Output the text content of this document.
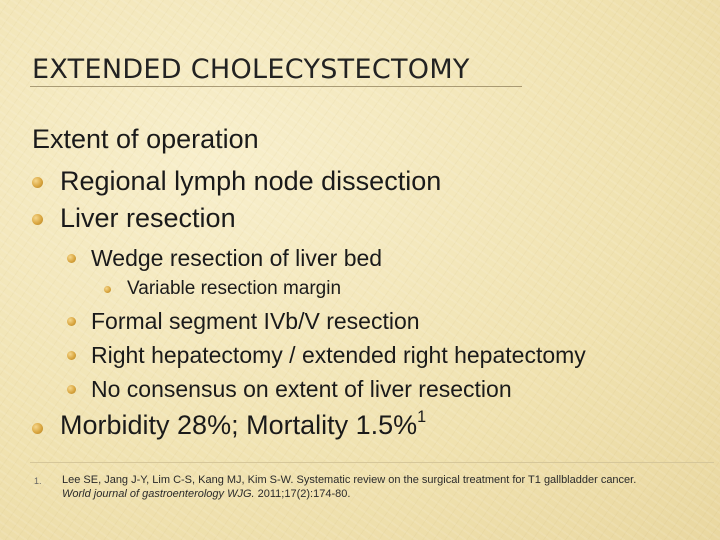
EXTENDED CHOLECYSTECTOMY
Extent of operation
Regional lymph node dissection
Liver resection
Wedge resection of liver bed
Variable resection margin
Formal segment IVb/V resection
Right hepatectomy / extended right hepatectomy
No consensus on extent of liver resection
Morbidity 28%; Mortality 1.5%$^1$
1. Lee SE, Jang J-Y, Lim C-S, Kang MJ, Kim S-W. Systematic review on the surgical treatment for T1 gallbladder cancer.
World journal of gastroenterology WJG. 2011;17(2):174-80.
